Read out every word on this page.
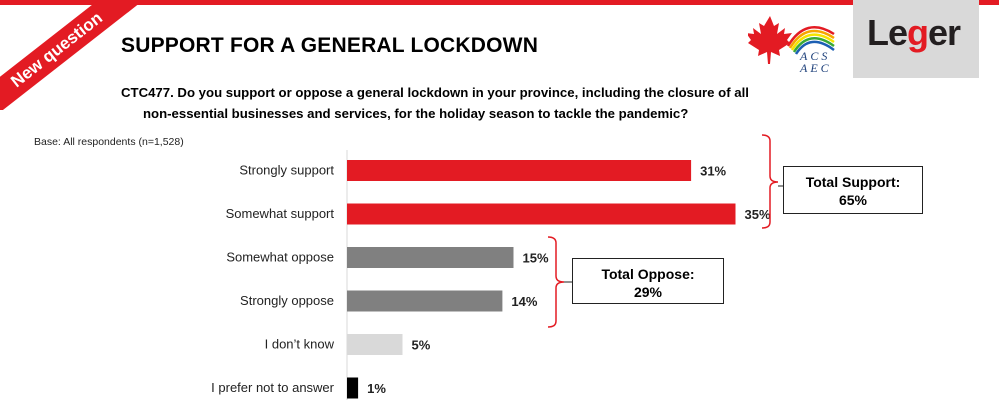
New question SUPPORT FOR A GENERAL LOCKDOWN
CTC477. Do you support or oppose a general lockdown in your province, including the closure of all
non-essential businesses and services, for the holiday season to tackle the pandemic?
Base: All respondents (n=1,528)
ACS
AEC
Leger
Strongly support	31%
Somewhat support	35%
Somewhat oppose	15%
Strongly oppose	14%
I don’t know	5%
I prefer not to answer	1%
Total Support:
65%
Total Oppose:
29%
